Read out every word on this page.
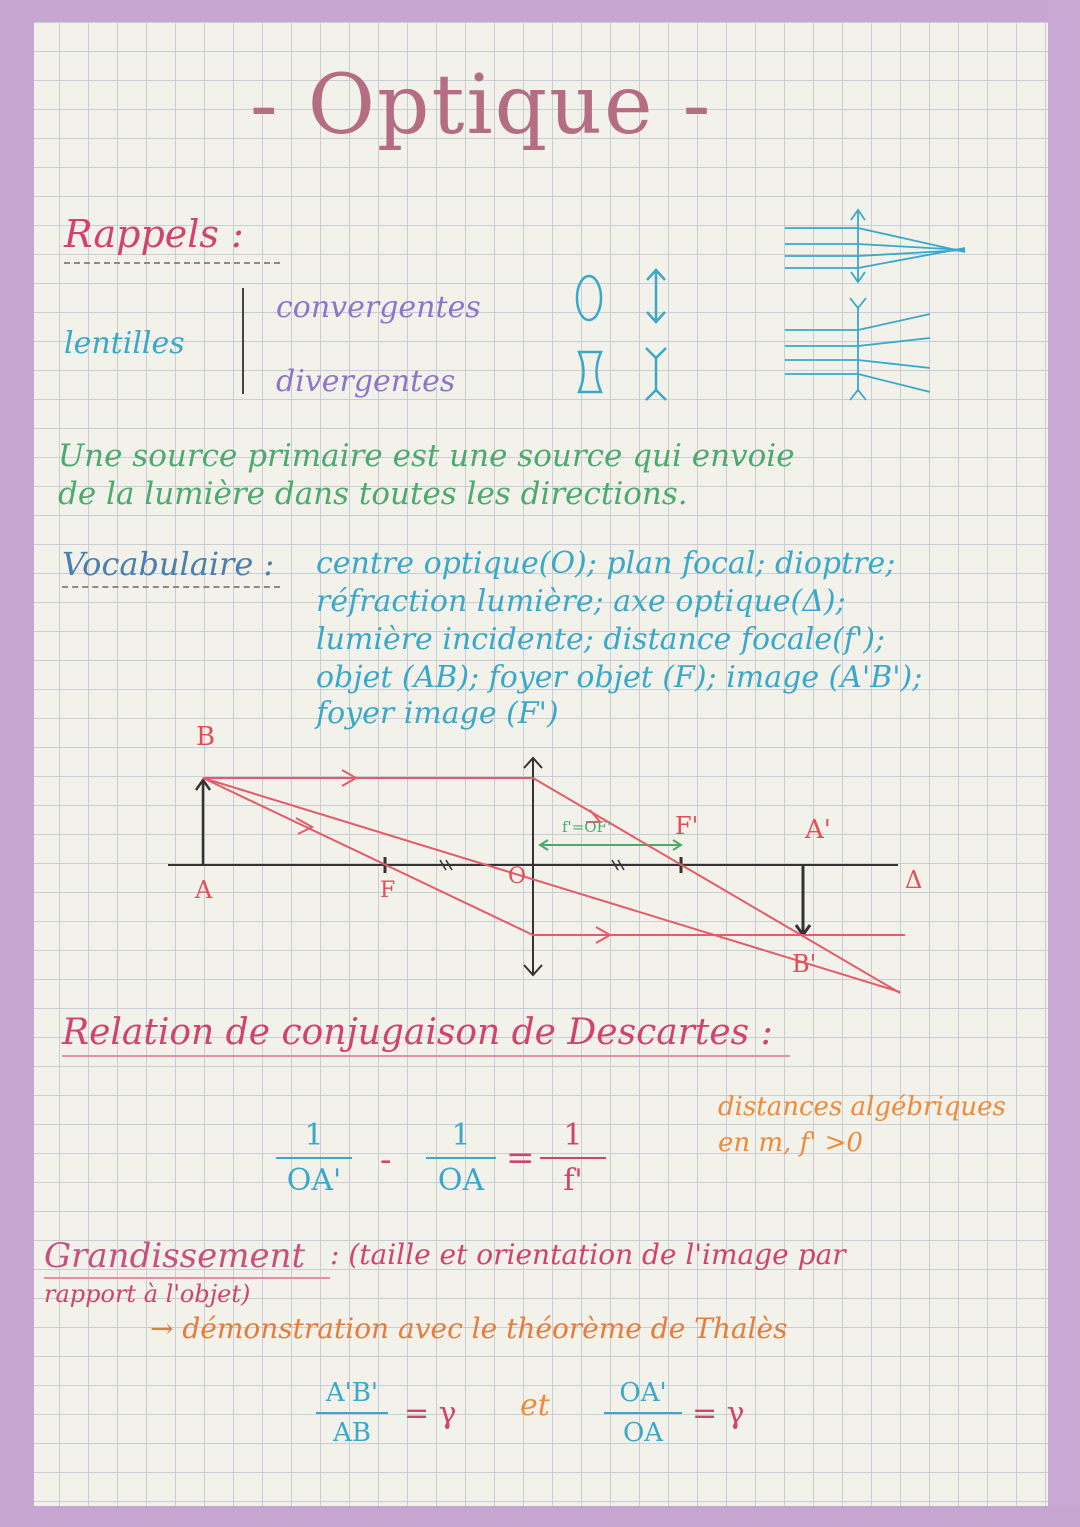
- Optique -
Rappels :
lentilles
convergentes
divergentes
Une source primaire est une source qui envoie
de la lumière dans toutes les directions.
Vocabulaire : centre optique(O); plan focal; dioptre;
réfraction lumière; axe optique(Δ);
lumière incidente; distance focale(f');
objet (AB); foyer objet (F); image (A'B');
foyer image (F')
B
A	F
O
F'	A'
B'
Δ
f'=OF'
Relation de conjugaison de Descartes :
$\frac{1}{OA'} - \frac{1}{OA} = \frac{1}{f'}$
distances algébriques
en m, f' >0
Grandissement : (taille et orientation de l'image par
rapport à l'objet)
→ démonstration avec le théorème de Thalès
$\frac{A'B'}{AB} = \gamma$ et $\frac{OA'}{OA} = \gamma$
